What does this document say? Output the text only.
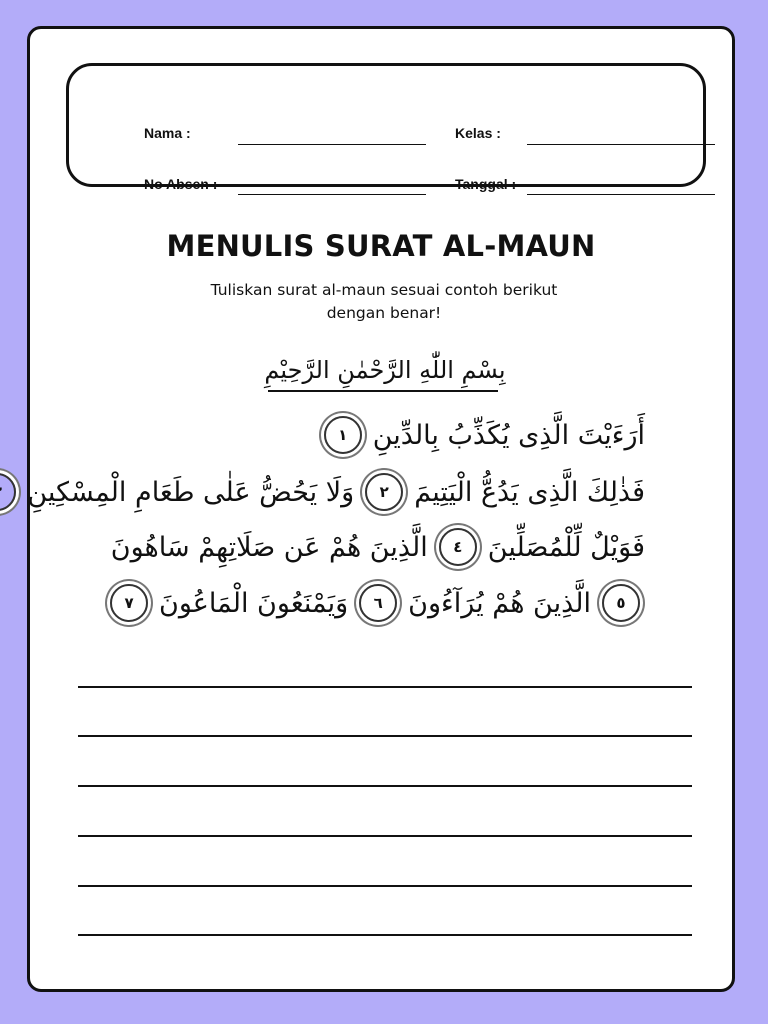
Nama :	Kelas :
No Absen :	Tanggal :
MENULIS SURAT AL-MAUN
Tuliskan surat al-maun sesuai contoh berikut
dengan benar!
بِسْمِ اللّٰهِ الرَّحْمٰنِ الرَّحِيْمِ
أَرَءَيْتَ الَّذِى يُكَذِّبُ بِالدِّينِ
١
فَذٰلِكَ الَّذِى يَدُعُّ الْيَتِيمَ
٢
وَلَا يَحُضُّ عَلٰى طَعَامِ الْمِسْكِينِ
فَوَيْلٌ لِّلْمُصَلِّينَ
٤
الَّذِينَ هُمْ عَن صَلَاتِهِمْ سَاهُونَ
٥
الَّذِينَ هُمْ يُرَآءُونَ
٦
وَيَمْنَعُونَ الْمَاعُونَ
٧
